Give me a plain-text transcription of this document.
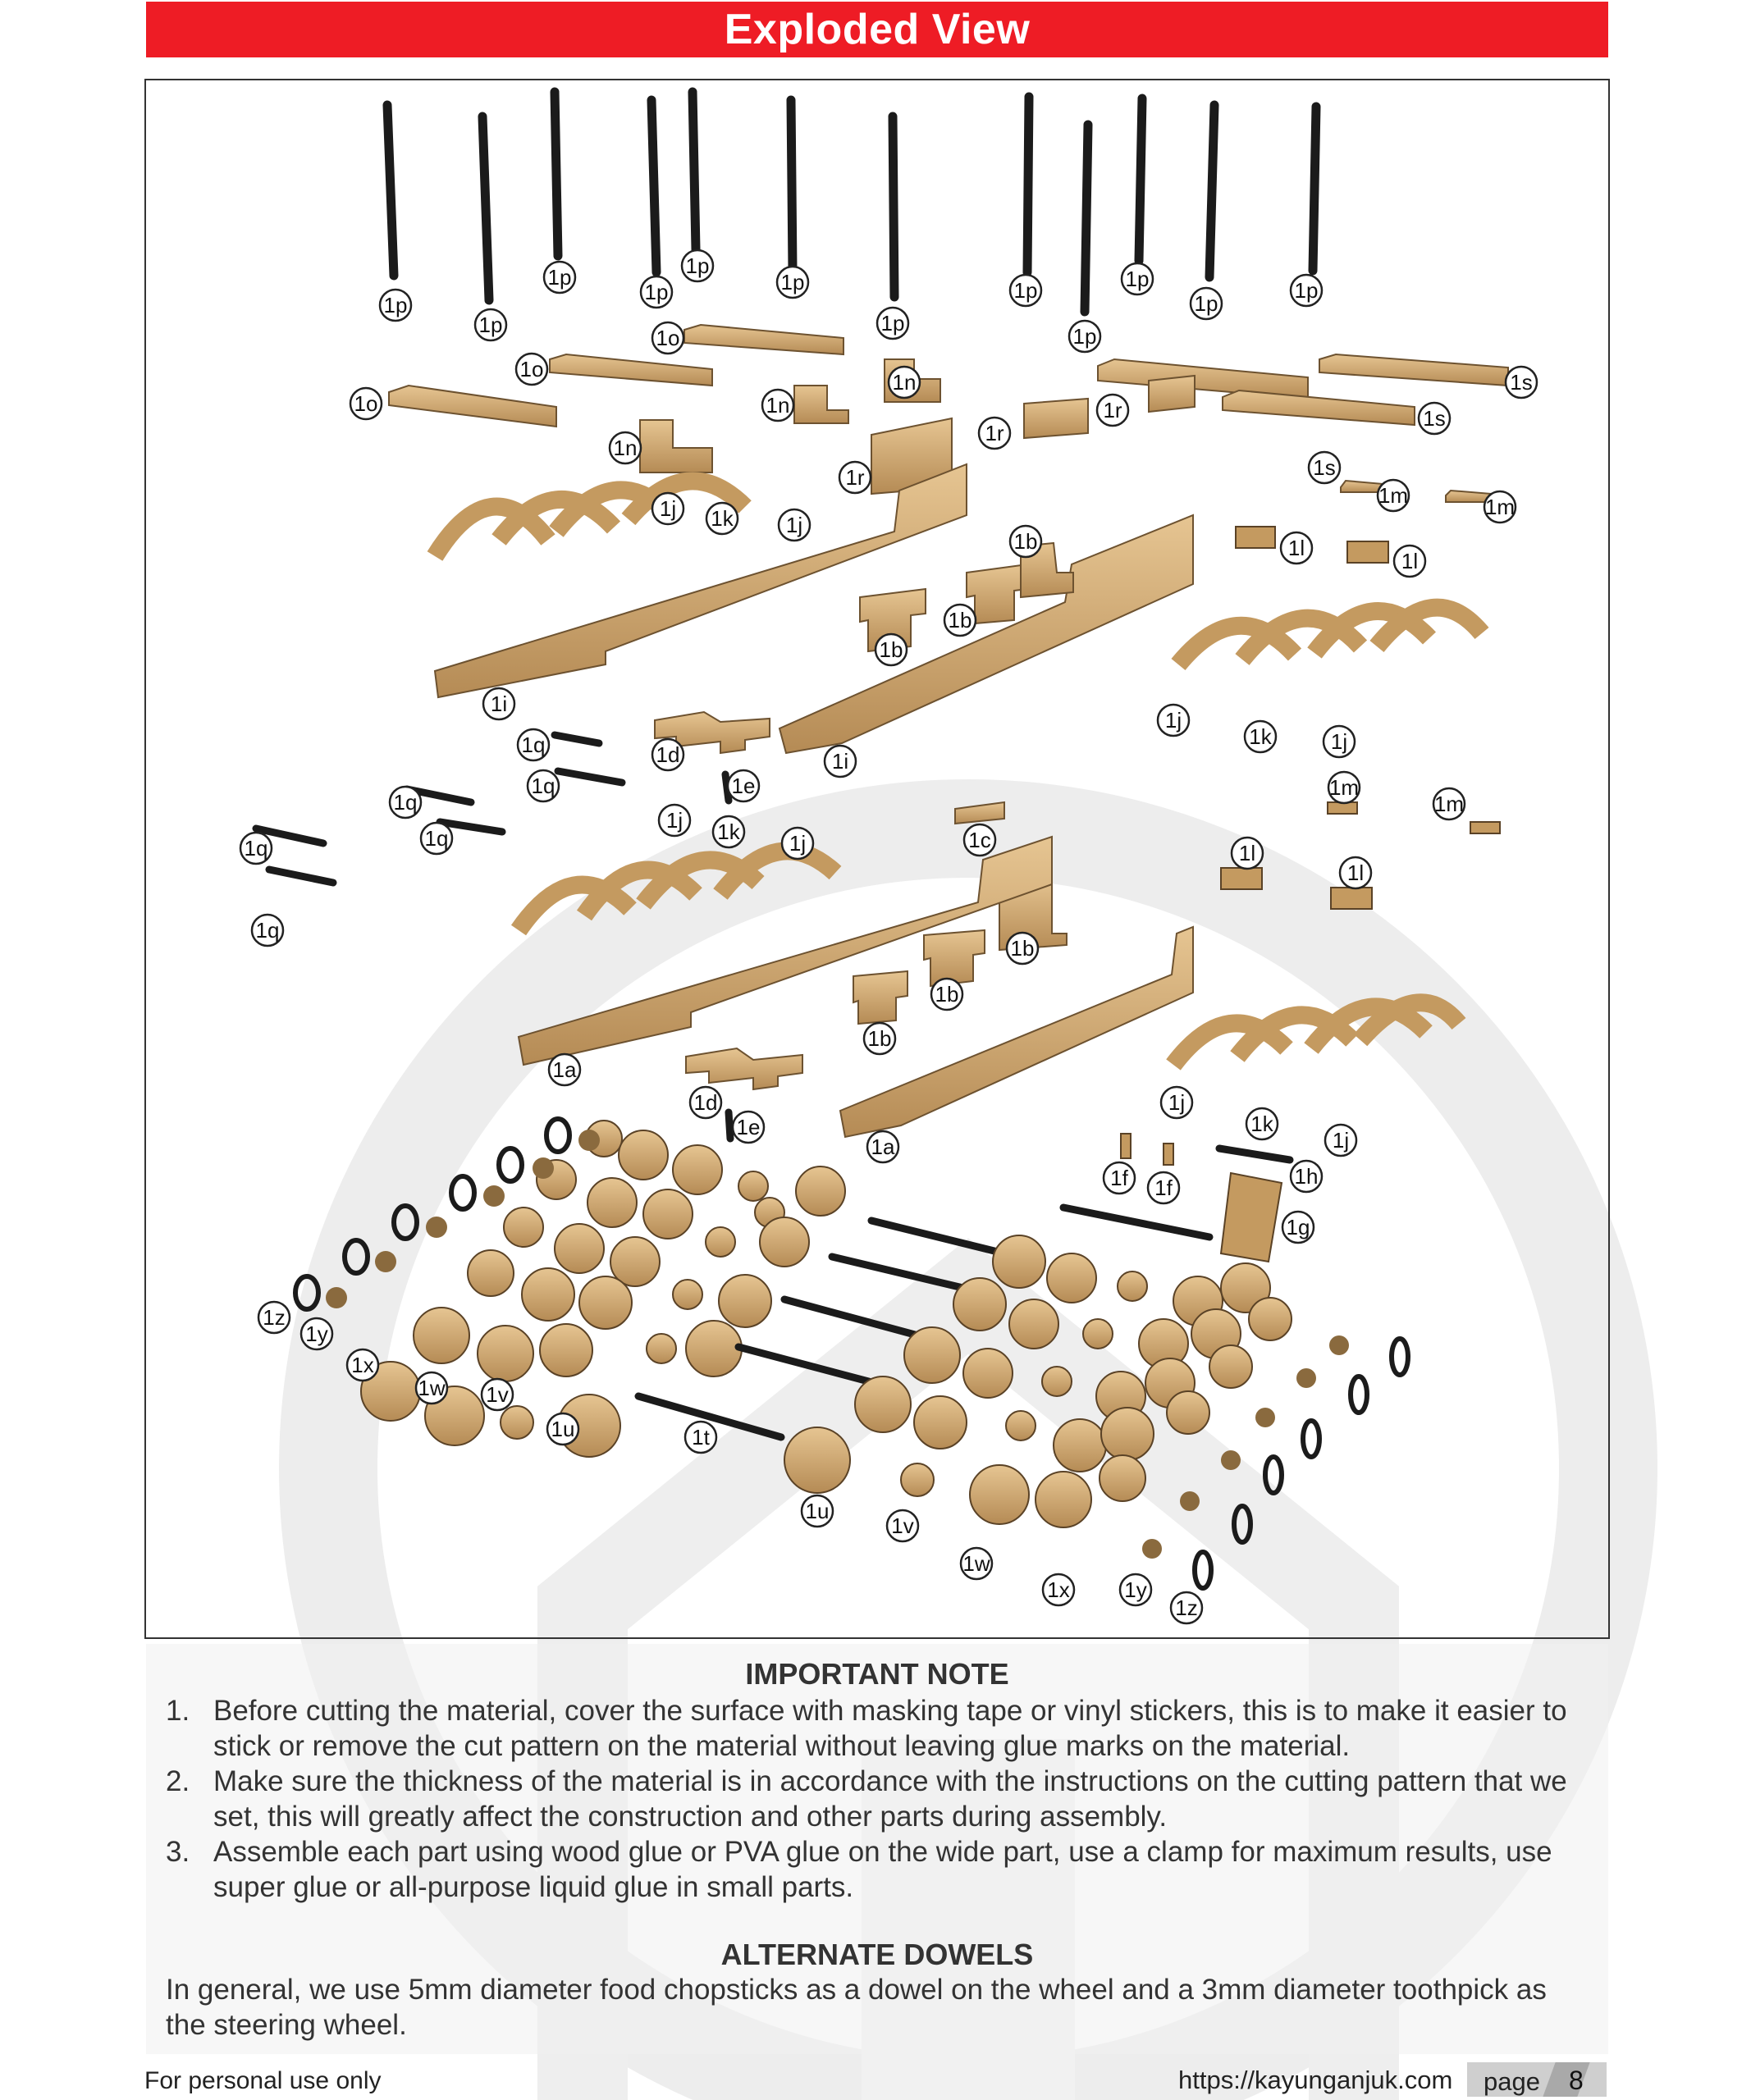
Exploded View
1p
1p
1p
1p
1p
1p
1p
1p
1p
1p
1p
1p
1o
1o
1o
1n
1n
1n
1r
1r
1r
1s
1s
1s
1m	1m
1m
1m
1l
1l
1l
1l
1j 1k 1j
1b
1b
1b
1i
1i
1j
1k	1j
1q
1q
1q
1q
1q
1q
1d
1e
1j 1k 1j	1c
1b
1b
1b
1a
1d
1e
1a
1j
1k
1j
1f 1f	1h
1g
1z
1y
1x
1w 1v
1u	1t
1u
1v
1w
1x	1y
1z
IMPORTANT NOTE
1. Before cutting the material, cover the surface with masking tape or vinyl stickers, this is to make it easier to stick or remove the cut pattern on the material without leaving glue marks on the material.
2. Make sure the thickness of the material is in accordance with the instructions on the cutting pattern that we set, this will greatly affect the construction and other parts during assembly.
3. Assemble each part using wood glue or PVA glue on the wide part, use a clamp for maximum results, use super glue or all-purpose liquid glue in small parts.
ALTERNATE DOWELS

In general, we use 5mm diameter food chopsticks as a dowel on the wheel and a 3mm diameter toothpick as the steering wheel.

For personal use only	https://kayunganjuk.com page 8
